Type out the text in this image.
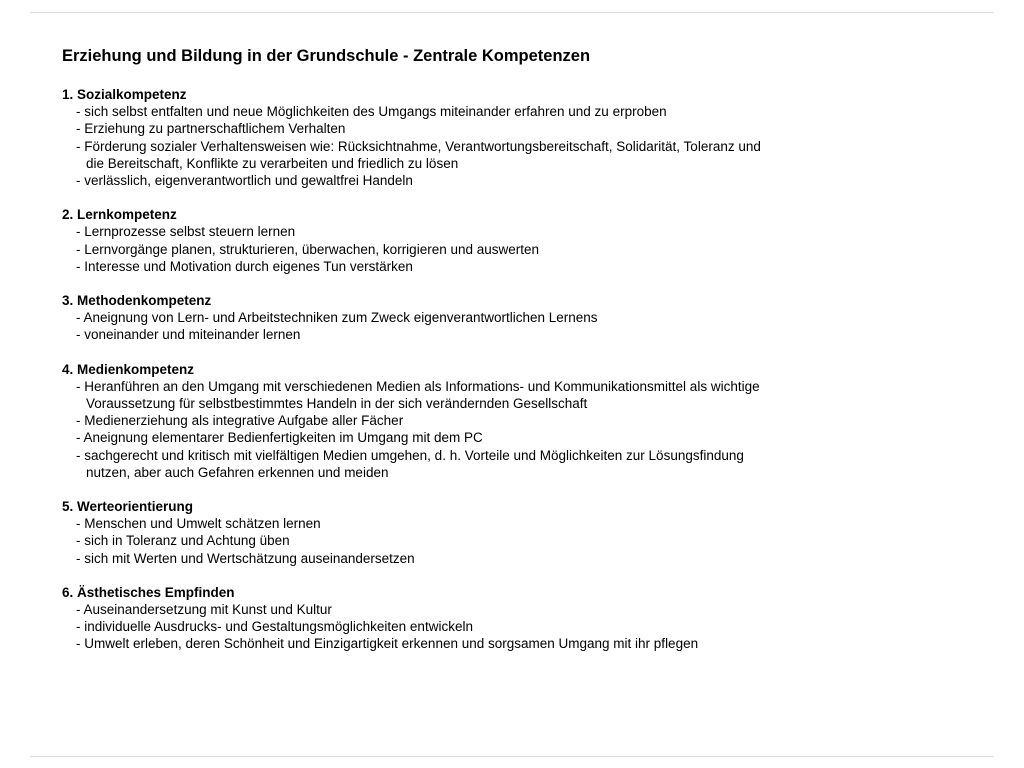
Erziehung und Bildung in der Grundschule - Zentrale Kompetenzen
1. Sozialkompetenz
- sich selbst entfalten und neue Möglichkeiten des Umgangs miteinander erfahren und zu erproben
- Erziehung zu partnerschaftlichem Verhalten
- Förderung sozialer Verhaltensweisen wie: Rücksichtnahme, Verantwortungsbereitschaft, Solidarität, Toleranz und
die Bereitschaft, Konflikte zu verarbeiten und friedlich zu lösen
- verlässlich, eigenverantwortlich und gewaltfrei Handeln
2. Lernkompetenz
- Lernprozesse selbst steuern lernen
- Lernvorgänge planen, strukturieren, überwachen, korrigieren und auswerten
- Interesse und Motivation durch eigenes Tun verstärken
3. Methodenkompetenz
- Aneignung von Lern- und Arbeitstechniken zum Zweck eigenverantwortlichen Lernens
- voneinander und miteinander lernen
4. Medienkompetenz
- Heranführen an den Umgang mit verschiedenen Medien als Informations- und Kommunikationsmittel als wichtige
Voraussetzung für selbstbestimmtes Handeln in der sich verändernden Gesellschaft
- Medienerziehung als integrative Aufgabe aller Fächer
- Aneignung elementarer Bedienfertigkeiten im Umgang mit dem PC
- sachgerecht und kritisch mit vielfältigen Medien umgehen, d. h. Vorteile und Möglichkeiten zur Lösungsfindung
nutzen, aber auch Gefahren erkennen und meiden
5. Werteorientierung
- Menschen und Umwelt schätzen lernen
- sich in Toleranz und Achtung üben
- sich mit Werten und Wertschätzung auseinandersetzen
6. Ästhetisches Empfinden
- Auseinandersetzung mit Kunst und Kultur
- individuelle Ausdrucks- und Gestaltungsmöglichkeiten entwickeln
- Umwelt erleben, deren Schönheit und Einzigartigkeit erkennen und sorgsamen Umgang mit ihr pflegen
